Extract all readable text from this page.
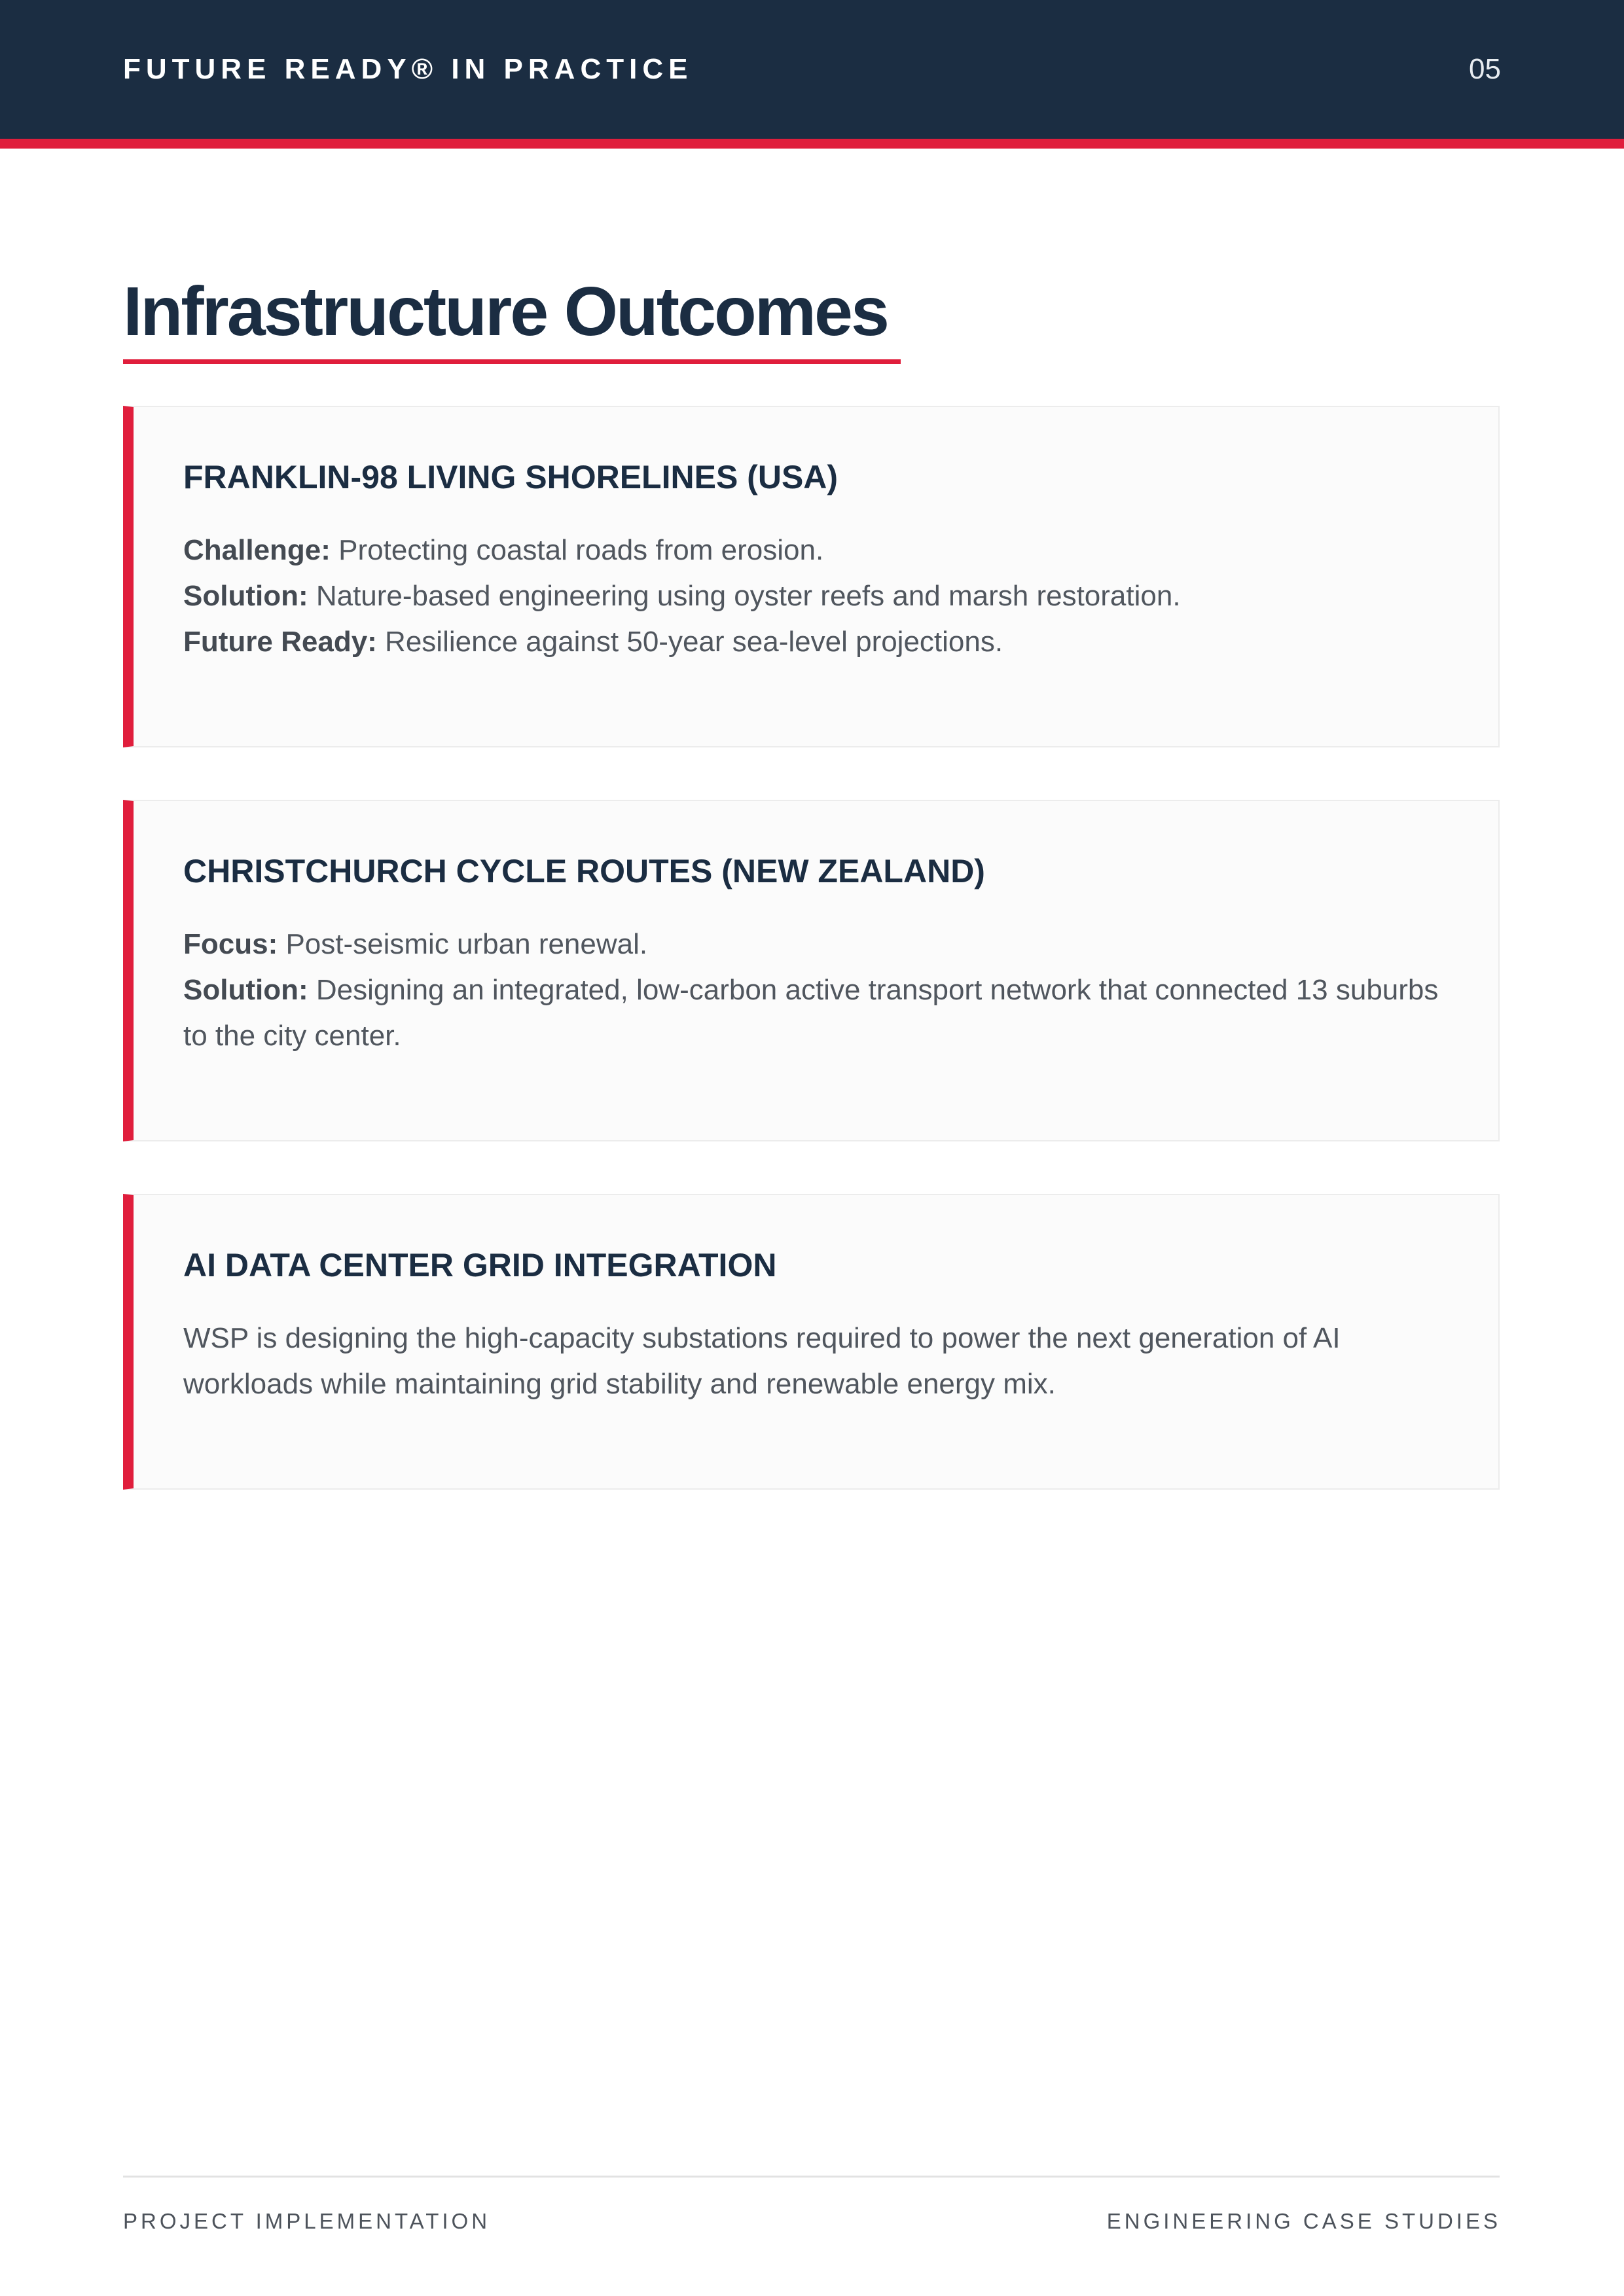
FUTURE READY® IN PRACTICE	05
Infrastructure Outcomes
FRANKLIN-98 LIVING SHORELINES (USA)
Challenge: Protecting coastal roads from erosion.
Solution: Nature-based engineering using oyster reefs and marsh restoration.
Future Ready: Resilience against 50-year sea-level projections.
CHRISTCHURCH CYCLE ROUTES (NEW ZEALAND)
Focus: Post-seismic urban renewal.
Solution: Designing an integrated, low-carbon active transport network that connected 13 suburbs to the city center.
AI DATA CENTER GRID INTEGRATION
WSP is designing the high-capacity substations required to power the next generation of AI workloads while maintaining grid stability and renewable energy mix.
PROJECT IMPLEMENTATION	ENGINEERING CASE STUDIES
